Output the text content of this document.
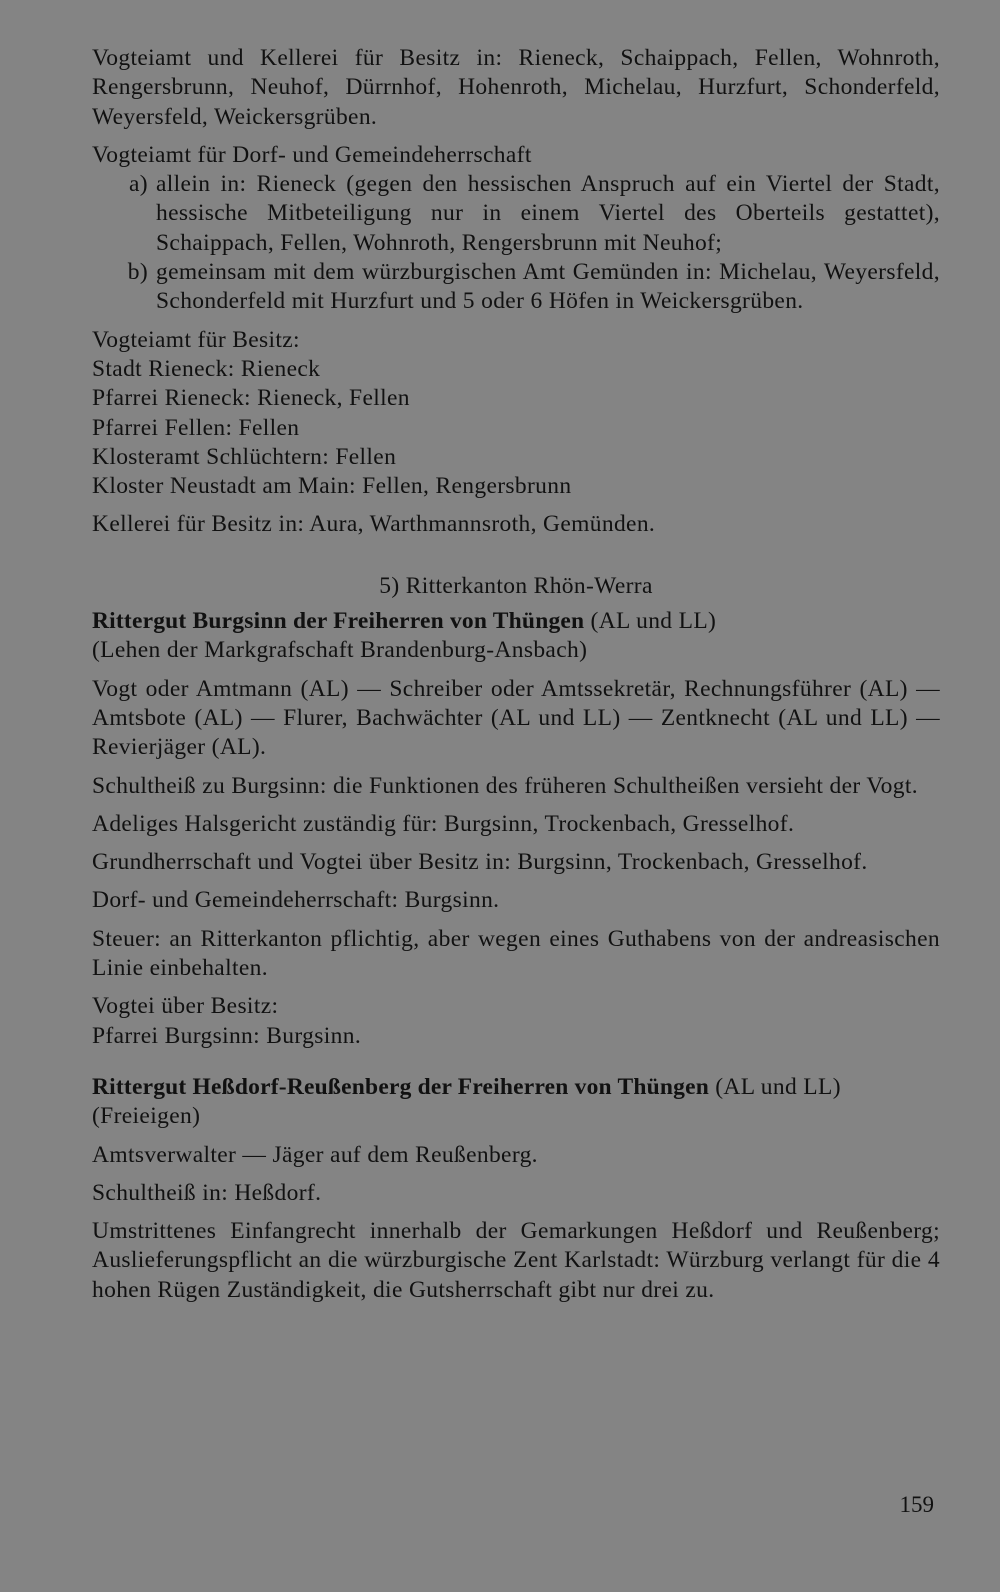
Vogteiamt und Kellerei für Besitz in: Rieneck, Schaippach, Fellen, Wohnroth, Rengersbrunn, Neuhof, Dürrnhof, Hohenroth, Michelau, Hurzfurt, Schonderfeld, Weyersfeld, Weickersgrüben.

Vogteiamt für Dorf- und Gemeindeherrschaft

a) allein in: Rieneck (gegen den hessischen Anspruch auf ein Viertel der Stadt, hessische Mitbeteiligung nur in einem Viertel des Oberteils gestattet), Schaippach, Fellen, Wohnroth, Rengersbrunn mit Neuhof;
b) gemeinsam mit dem würzburgischen Amt Gemünden in: Michelau, Weyersfeld, Schonderfeld mit Hurzfurt und 5 oder 6 Höfen in Weickersgrüben.

Vogteiamt für Besitz:

Stadt Rieneck: Rieneck

Pfarrei Rieneck: Rieneck, Fellen

Pfarrei Fellen: Fellen

Klosteramt Schlüchtern: Fellen

Kloster Neustadt am Main: Fellen, Rengersbrunn

Kellerei für Besitz in: Aura, Warthmannsroth, Gemünden.

5) Ritterkanton Rhön-Werra

Rittergut Burgsinn der Freiherren von Thüngen (AL und LL)

(Lehen der Markgrafschaft Brandenburg-Ansbach)

Vogt oder Amtmann (AL) — Schreiber oder Amtssekretär, Rechnungsführer (AL) — Amtsbote (AL) — Flurer, Bachwächter (AL und LL) — Zentknecht (AL und LL) — Revierjäger (AL).

Schultheiß zu Burgsinn: die Funktionen des früheren Schultheißen versieht der Vogt.

Adeliges Halsgericht zuständig für: Burgsinn, Trockenbach, Gresselhof.

Grundherrschaft und Vogtei über Besitz in: Burgsinn, Trockenbach, Gresselhof.

Dorf- und Gemeindeherrschaft: Burgsinn.

Steuer: an Ritterkanton pflichtig, aber wegen eines Guthabens von der andreasischen Linie einbehalten.

Vogtei über Besitz:

Pfarrei Burgsinn: Burgsinn.

Rittergut Heßdorf-Reußenberg der Freiherren von Thüngen (AL und LL)

(Freieigen)

Amtsverwalter — Jäger auf dem Reußenberg.

Schultheiß in: Heßdorf.

Umstrittenes Einfangrecht innerhalb der Gemarkungen Heßdorf und Reußenberg; Auslieferungspflicht an die würzburgische Zent Karlstadt: Würzburg verlangt für die 4 hohen Rügen Zuständigkeit, die Gutsherrschaft gibt nur drei zu.

159
